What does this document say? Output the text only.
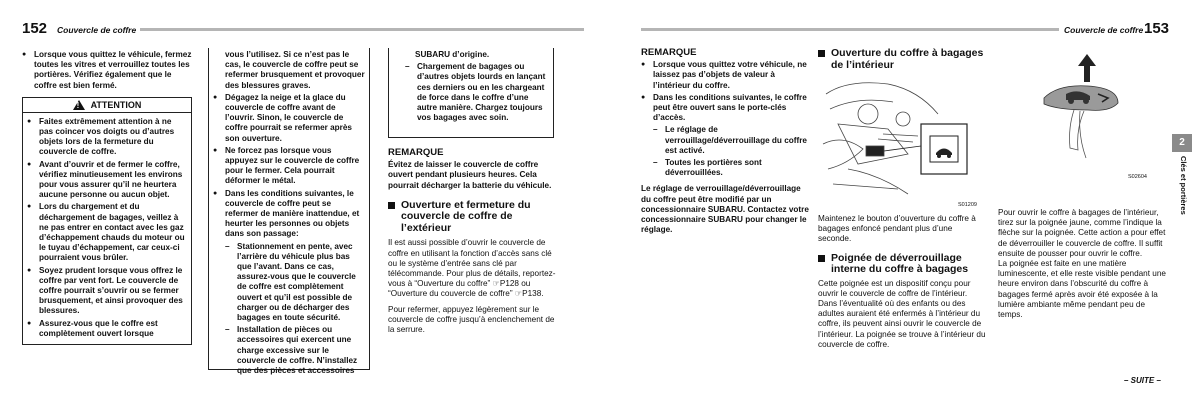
152 Couvercle de coffre
● Lorsque vous quittez le véhicule, fermez toutes les vitres et verrouillez toutes les portières. Vérifiez également que le coffre est bien fermé.
! ATTENTION
● Faites extrêmement attention à ne pas coincer vos doigts ou d’autres objets lors de la fermeture du couvercle de coffre.
● Avant d’ouvrir et de fermer le coffre, vérifiez minutieusement les environs pour vous assurer qu’il ne heurtera aucune personne ou aucun objet.
● Lors du chargement et du déchargement de bagages, veillez à ne pas entrer en contact avec les gaz d’échappement chauds du moteur ou le tuyau d’échappement, car ceux-ci pourraient vous brûler.
● Soyez prudent lorsque vous offrez le coffre par vent fort. Le couvercle de coffre pourrait s’ouvrir ou se fermer brusquement, et ainsi provoquer des blessures.
● Assurez-vous que le coffre est complètement ouvert lorsque
vous l’utilisez. Si ce n’est pas le cas, le couvercle de coffre peut se refermer brusquement et provoquer des blessures graves.
● Dégagez la neige et la glace du couvercle de coffre avant de l’ouvrir. Sinon, le couvercle de coffre pourrait se refermer après son ouverture.
● Ne forcez pas lorsque vous appuyez sur le couvercle de coffre pour le fermer. Cela pourrait déformer le métal.
● Dans les conditions suivantes, le couvercle de coffre peut se refermer de manière inattendue, et heurter les personnes ou objets dans son passage:
– Stationnement en pente, avec l’arrière du véhicule plus bas que l’avant. Dans ce cas, assurez-vous que le couvercle de coffre est complètement ouvert et qu’il est possible de charger ou de décharger des bagages en toute sécurité.
– Installation de pièces ou accessoires qui exercent une charge excessive sur le couvercle de coffre. N’installez que des pièces et accessoires
SUBARU d’origine.
– Chargement de bagages ou d’autres objets lourds en lançant ces derniers ou en les chargeant de force dans le coffre d’une autre manière. Chargez toujours vos bagages avec soin.
REMARQUE
Évitez de laisser le couvercle de coffre ouvert pendant plusieurs heures. Cela pourrait décharger la batterie du véhicule.
Ouverture et fermeture du couvercle de coffre de l’extérieur
Il est aussi possible d’ouvrir le couvercle de coffre en utilisant la fonction d’accès sans clé ou le système d’entrée sans clé par télécommande. Pour plus de détails, reportez-vous à “Ouverture du coffre” ☞P128 ou “Ouverture du couvercle de coffre” ☞P138.
Pour refermer, appuyez légèrement sur le couvercle de coffre jusqu’à enclenchement de la serrure.
Couvercle de coffre 153
REMARQUE
● Lorsque vous quittez votre véhicule, ne laissez pas d’objets de valeur à l’intérieur du coffre.
● Dans les conditions suivantes, le coffre peut être ouvert sans le porte-clés d’accès.
– Le réglage de verrouillage/déverrouillage du coffre est activé.
– Toutes les portières sont déverrouillées.
Le réglage de verrouillage/déverrouillage du coffre peut être modifié par un concessionnaire SUBARU. Contactez votre concessionnaire SUBARU pour changer le réglage.
Ouverture du coffre à bagages de l’intérieur
S01209
Maintenez le bouton d’ouverture du coffre à bagages enfoncé pendant plus d’une seconde.
Poignée de déverrouillage interne du coffre à bagages
Cette poignée est un dispositif conçu pour ouvrir le couvercle de coffre de l’intérieur. Dans l’éventualité où des enfants ou des adultes auraient été enfermés à l’intérieur du coffre, ils peuvent ainsi ouvrir le couvercle de l’intérieur. La poignée se trouve à l’intérieur du couvercle de coffre.
S02604
Pour ouvrir le coffre à bagages de l’intérieur, tirez sur la poignée jaune, comme l’indique la flèche sur la poignée. Cette action a pour effet de déverrouiller le couvercle de coffre. Il suffit ensuite de pousser pour ouvrir le coffre.
La poignée est faite en une matière luminescente, et elle reste visible pendant une heure environ dans l’obscurité du coffre à bagages fermé après avoir été exposée à la lumière ambiante même pendant peu de temps.
2
Clés et portières
– SUITE –
